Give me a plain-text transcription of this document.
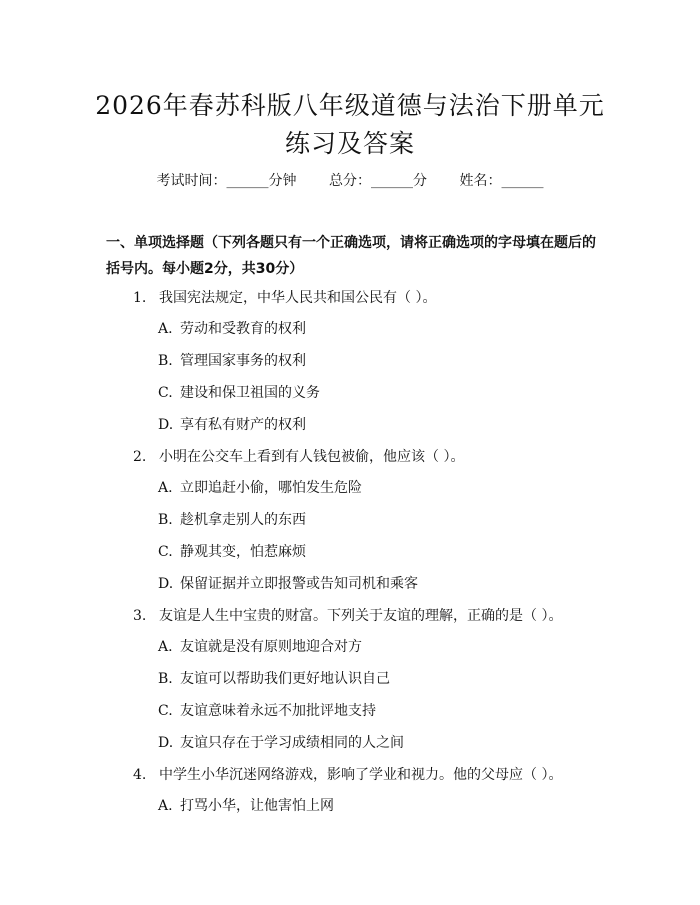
2026年春苏科版八年级道德与法治下册单元
练习及答案
考试时间：______分钟 总分：______分 姓名：______
一、单项选择题（下列各题只有一个正确选项，请将正确选项的字母填在题后的括号内。每小题2分，共30分）
1. 我国宪法规定，中华人民共和国公民有（ ）。
A. 劳动和受教育的权利
B. 管理国家事务的权利
C. 建设和保卫祖国的义务
D. 享有私有财产的权利
2. 小明在公交车上看到有人钱包被偷，他应该（ ）。
A. 立即追赶小偷，哪怕发生危险
B. 趁机拿走别人的东西
C. 静观其变，怕惹麻烦
D. 保留证据并立即报警或告知司机和乘客
3. 友谊是人生中宝贵的财富。下列关于友谊的理解，正确的是（ ）。
A. 友谊就是没有原则地迎合对方
B. 友谊可以帮助我们更好地认识自己
C. 友谊意味着永远不加批评地支持
D. 友谊只存在于学习成绩相同的人之间
4. 中学生小华沉迷网络游戏，影响了学业和视力。他的父母应（ ）。
A. 打骂小华，让他害怕上网
